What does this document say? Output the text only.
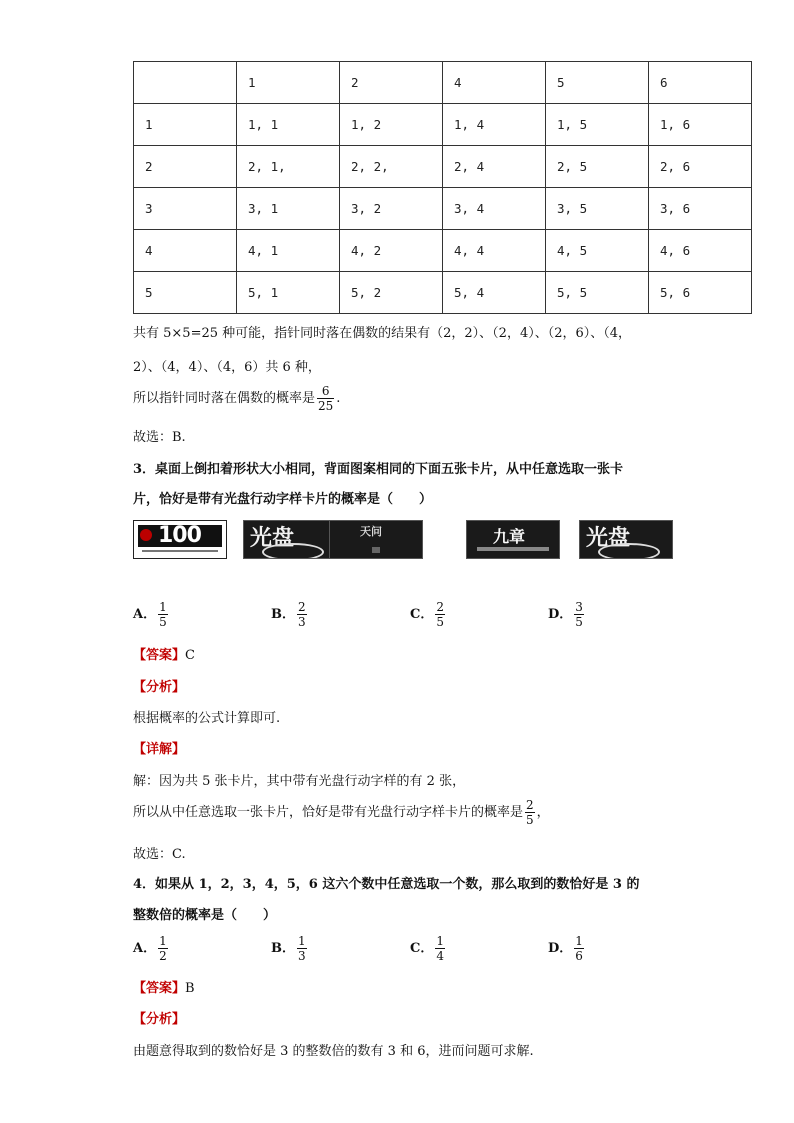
	1	2	4	5	6
1	1, 1	1, 2	1, 4	1, 5	1, 6
2	2, 1,	2, 2,	2, 4	2, 5	2, 6
3	3, 1	3, 2	3, 4	3, 5	3, 6
4	4, 1	4, 2	4, 4	4, 5	4, 6
5	5, 1	5, 2	5, 4	5, 5	5, 6
共有 5×5=25 种可能，指针同时落在偶数的结果有（2，2）、（2，4）、（2，6）、（4，
2）、（4，4）、（4，6）共 6 种，
所以指针同时落在偶数的概率是 $\frac{6}{25}$ .
故选：B.
3．桌面上倒扣着形状大小相同，背面图案相同的下面五张卡片，从中任意选取一张卡
片，恰好是带有光盘行动字样卡片的概率是（　　）
100 光盘	天问	九章	光盘
A． $\frac{1}{5}$	B． $\frac{2}{3}$	C． $\frac{2}{5}$	D． $\frac{3}{5}$
【答案】C
【分析】
根据概率的公式计算即可.
【详解】
解：因为共 5 张卡片，其中带有光盘行动字样的有 2 张，
所以从中任意选取一张卡片，恰好是带有光盘行动字样卡片的概率是 $\frac{2}{5}$ ，
故选：C.
4．如果从 1，2，3，4，5，6 这六个数中任意选取一个数，那么取到的数恰好是 3 的
整数倍的概率是（　　）
A． $\frac{1}{2}$	B． $\frac{1}{3}$	C． $\frac{1}{4}$	D． $\frac{1}{6}$
【答案】B
【分析】
由题意得取到的数恰好是 3 的整数倍的数有 3 和 6，进而问题可求解.
